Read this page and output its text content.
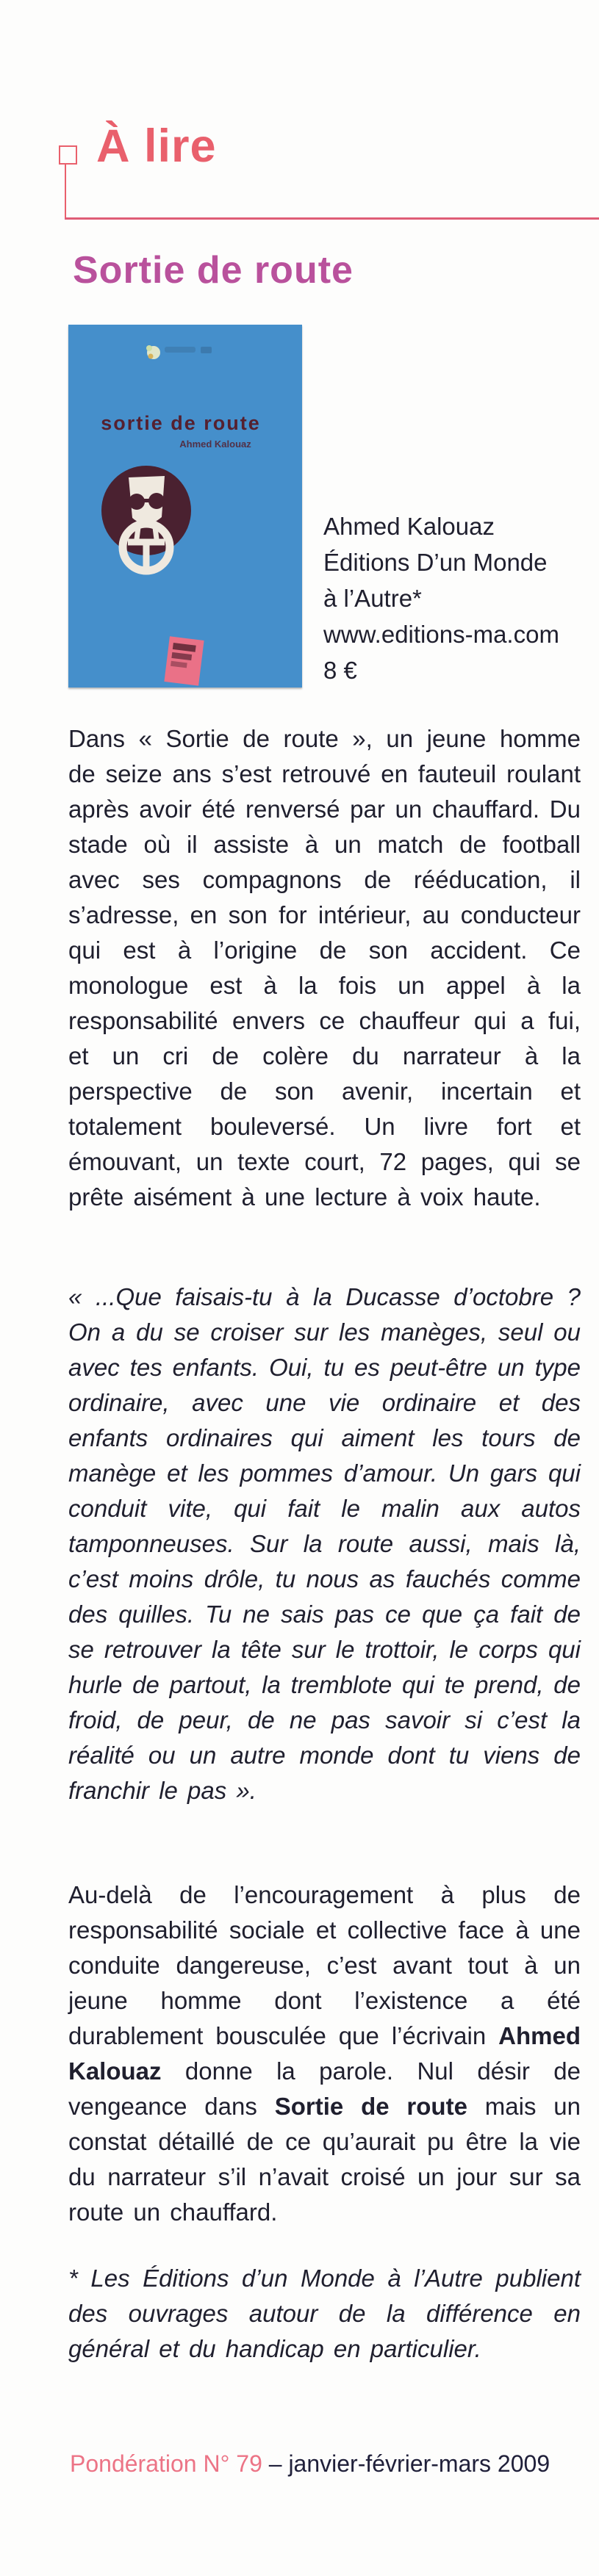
À lire
Sortie de route
sortie de route
Ahmed Kalouaz
Ahmed Kalouaz
Éditions D’un Monde
à l’Autre*
www.editions-ma.com
8 €

Dans « Sortie de route », un jeune homme de seize ans s’est retrouvé en fauteuil roulant après avoir été renversé par un chauffard. Du stade où il assiste à un match de football avec ses compagnons de rééducation, il s’adresse, en son for intérieur, au conducteur qui est à l’origine de son accident. Ce monologue est à la fois un appel à la responsabilité envers ce chauffeur qui a fui, et un cri de colère du narrateur à la perspective de son avenir, incertain et totalement bouleversé. Un livre fort et émouvant, un texte court, 72 pages, qui se prête aisément à une lecture à voix haute.

« ...Que faisais-tu à la Ducasse d’octobre ? On a du se croiser sur les manèges, seul ou avec tes enfants. Oui, tu es peut-être un type ordinaire, avec une vie ordinaire et des enfants ordinaires qui aiment les tours de manège et les pommes d’amour. Un gars qui conduit vite, qui fait le malin aux autos tamponneuses. Sur la route aussi, mais là, c’est moins drôle, tu nous as fauchés comme des quilles. Tu ne sais pas ce que ça fait de se retrouver la tête sur le trottoir, le corps qui hurle de partout, la tremblote qui te prend, de froid, de peur, de ne pas savoir si c’est la réalité ou un autre monde dont tu viens de franchir le pas ».

Au-delà de l’encouragement à plus de responsabilité sociale et collective face à une conduite dangereuse, c’est avant tout à un jeune homme dont l’existence a été durablement bousculée que l’écrivain Ahmed Kalouaz donne la parole. Nul désir de vengeance dans Sortie de route mais un constat détaillé de ce qu’aurait pu être la vie du narrateur s’il n’avait croisé un jour sur sa route un chauffard.

* Les Éditions d’un Monde à l’Autre publient des ouvrages autour de la différence en général et du handicap en particulier.

Pondération N° 79 – janvier-février-mars 2009
